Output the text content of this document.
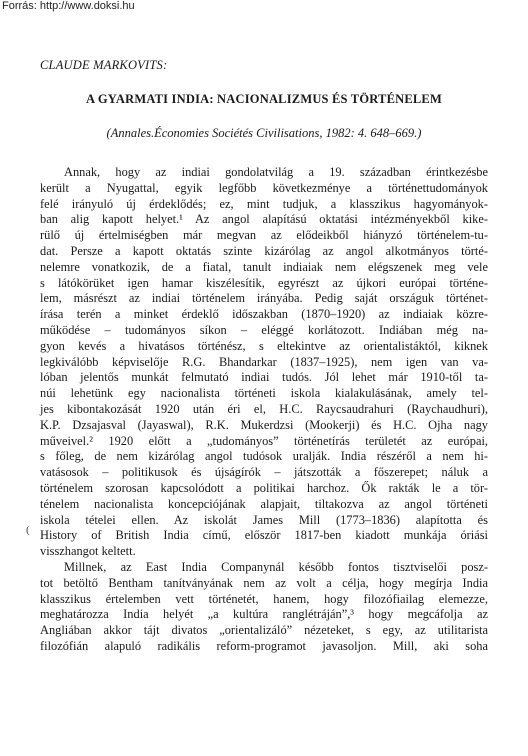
Forrás: http://www.doksi.hu
CLAUDE MARKOVITS:
A GYARMATI INDIA: NACIONALIZMUS ÉS TÖRTÉNELEM
(Annales.Économies Sociétés Civilisations, 1982: 4. 648–669.)
(
Annak, hogy az indiai gondolatvilág a 19. században érintkezésbe
került a Nyugattal, egyik legfőbb következménye a történettudományok
felé irányuló új érdeklődés; ez, mint tudjuk, a klasszikus hagyományok-
ban alig kapott helyet.¹ Az angol alapítású oktatási intézményekből kike-
rülő új értelmiségben már megvan az elődeikből hiányzó történelem-tu-
dat. Persze a kapott oktatás szinte kizárólag az angol alkotmányos törté-
nelemre vonatkozik, de a fiatal, tanult indiaiak nem elégszenek meg vele
s látókörüket igen hamar kiszélesítik, egyrészt az újkori európai történe-
lem, másrészt az indiai történelem irányába. Pedig saját országuk történet-
írása terén a minket érdeklő időszakban (1870–1920) az indiaiak közre-
működése – tudományos síkon – eléggé korlátozott. Indiában még na-
gyon kevés a hivatásos történész, s eltekintve az orientalistáktól, kiknek
legkiválóbb képviselője R.G. Bhandarkar (1837–1925), nem igen van va-
lóban jelentős munkát felmutató indiai tudós. Jól lehet már 1910-től ta-
núi lehetünk egy nacionalista történeti iskola kialakulásának, amely tel-
jes kibontakozását 1920 után éri el, H.C. Raycsaudrahuri (Raychaudhuri),
K.P. Dzsajasval (Jayaswal), R.K. Mukerdzsi (Mookerji) és H.C. Ojha nagy
műveivel.² 1920 előtt a „tudományos” történetírás területét az európai,
s főleg, de nem kizárólag angol tudósok uralják. India részéről a nem hi-
vatásosok – politikusok és újságírók – játszották a főszerepet; náluk a
történelem szorosan kapcsolódott a politikai harchoz. Ők rakták le a tör-
ténelem nacionalista koncepciójának alapjait, tiltakozva az angol történeti
iskola tételei ellen. Az iskolát James Mill (1773–1836) alapította és
History of British India című, először 1817-ben kiadott munkája óriási
visszhangot keltett.
Millnek, az East India Companynál később fontos tisztviselői posz-
tot betöltő Bentham tanítványának nem az volt a célja, hogy megírja India
klasszikus értelemben vett történetét, hanem, hogy filozófiailag elemezze,
meghatározza India helyét „a kultúra ranglétráján”,³ hogy megcáfolja az
Angliában akkor tájt divatos „orientalizáló” nézeteket, s egy, az utilitarista
filozófián alapuló radikális reform-programot javasoljon. Mill, aki soha
